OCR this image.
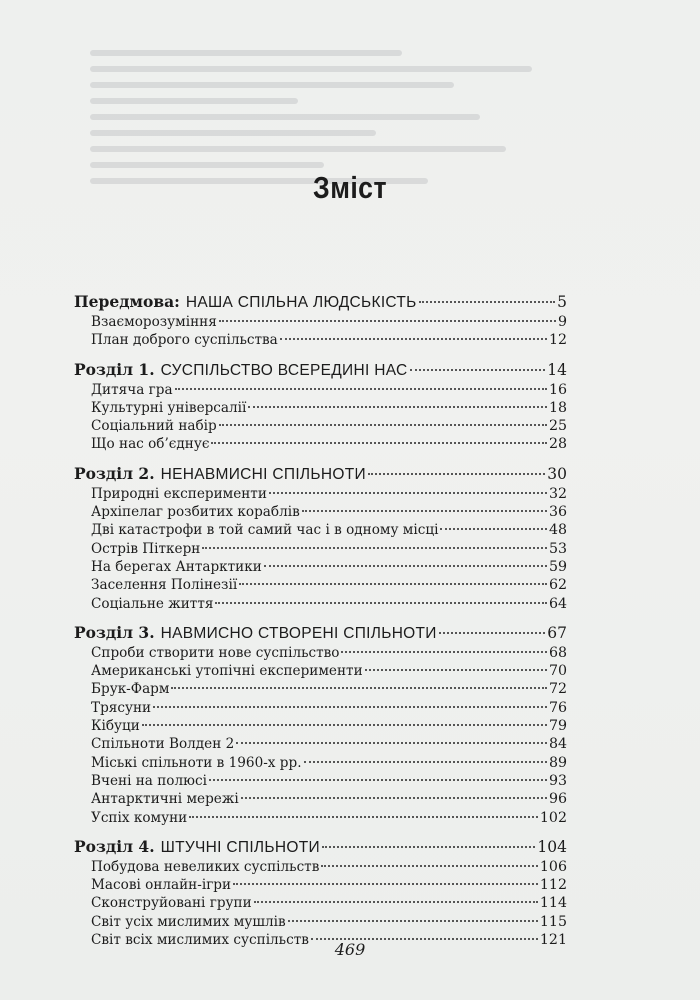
Зміст
Передмова: НАША СПІЛЬНА ЛЮДСЬКІСТЬ	5
Взаєморозуміння	9
План доброго суспільства	12
Розділ 1. СУСПІЛЬСТВО ВСЕРЕДИНІ НАС	14
Дитяча гра	16
Культурні універсалії	18
Соціальний набір	25
Що нас об’єднує	28
Розділ 2. НЕНАВМИСНІ СПІЛЬНОТИ	30
Природні експерименти	32
Архіпелаг розбитих кораблів	36
Дві катастрофи в той самий час і в одному місці	48
Острів Піткерн	53
На берегах Антарктики	59
Заселення Полінезії	62
Соціальне життя	64
Розділ 3. НАВМИСНО СТВОРЕНІ СПІЛЬНОТИ	67
Спроби створити нове суспільство	68
Американські утопічні експерименти	70
Брук-Фарм	72
Трясуни	76
Кібуци	79
Спільноти Волден 2	84
Міські спільноти в 1960-х рр.	89
Вчені на полюсі	93
Антарктичні мережі	96
Успіх комуни	102
Розділ 4. ШТУЧНІ СПІЛЬНОТИ	104
Побудова невеликих суспільств	106
Масові онлайн-ігри	112
Сконструйовані групи	114
Світ усіх мислимих мушлів	115
Світ всіх мислимих суспільств	121
469
